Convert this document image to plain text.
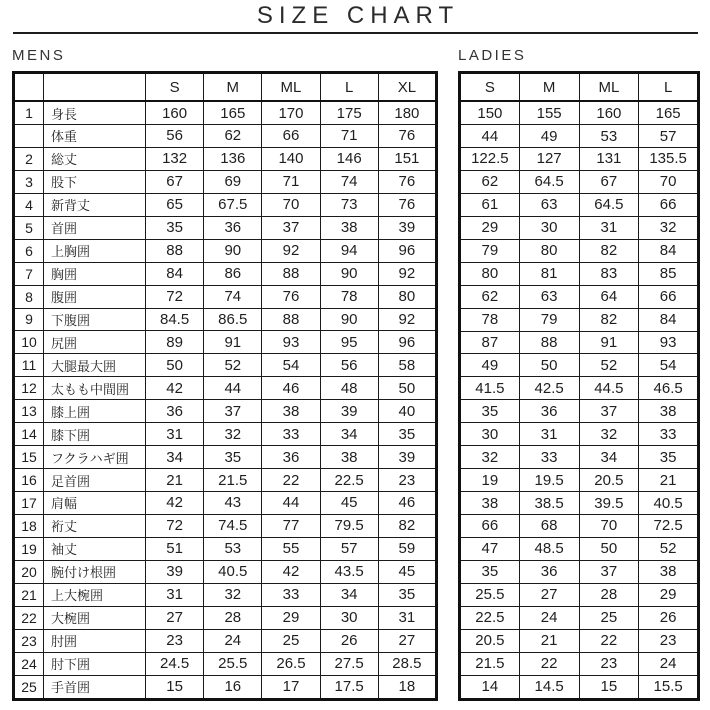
SIZE CHART
MENS	LADIES
		S	M	ML	L	XL
1	身長	160	165	170	175	180
	体重	56	62	66	71	76
2	総丈	132	136	140	146	151
3	股下	67	69	71	74	76
4	新背丈	65	67.5	70	73	76
5	首囲	35	36	37	38	39
6	上胸囲	88	90	92	94	96
7	胸囲	84	86	88	90	92
8	腹囲	72	74	76	78	80
9	下腹囲	84.5	86.5	88	90	92
10	尻囲	89	91	93	95	96
11	大腿最大囲	50	52	54	56	58
12	太もも中間囲	42	44	46	48	50
13	膝上囲	36	37	38	39	40
14	膝下囲	31	32	33	34	35
15	フクラハギ囲	34	35	36	38	39
16	足首囲	21	21.5	22	22.5	23
17	肩幅	42	43	44	45	46
18	裄丈	72	74.5	77	79.5	82
19	袖丈	51	53	55	57	59
20	腕付け根囲	39	40.5	42	43.5	45
21	上大椀囲	31	32	33	34	35
22	大椀囲	27	28	29	30	31
23	肘囲	23	24	25	26	27
24	肘下囲	24.5	25.5	26.5	27.5	28.5
25	手首囲	15	16	17	17.5	18
S	M	ML	L
150	155	160	165
44	49	53	57
122.5	127	131	135.5
62	64.5	67	70
61	63	64.5	66
29	30	31	32
79	80	82	84
80	81	83	85
62	63	64	66
78	79	82	84
87	88	91	93
49	50	52	54
41.5	42.5	44.5	46.5
35	36	37	38
30	31	32	33
32	33	34	35
19	19.5	20.5	21
38	38.5	39.5	40.5
66	68	70	72.5
47	48.5	50	52
35	36	37	38
25.5	27	28	29
22.5	24	25	26
20.5	21	22	23
21.5	22	23	24
14	14.5	15	15.5
